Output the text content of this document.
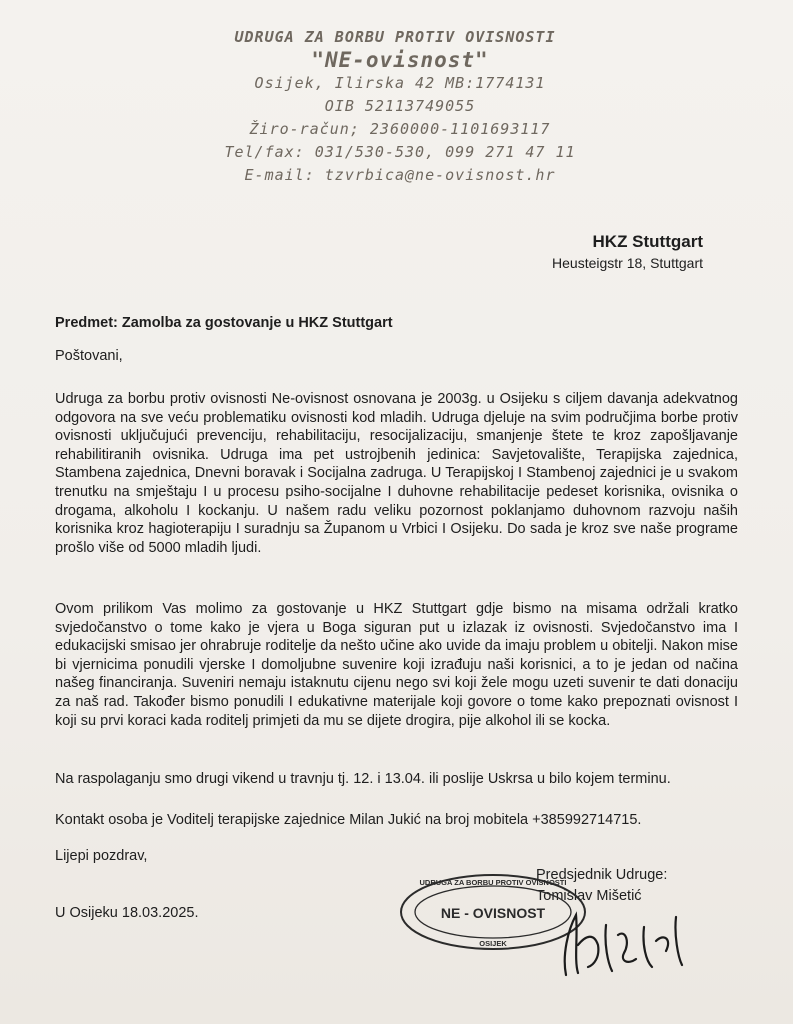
UDRUGA ZA BORBU PROTIV OVISNOSTI
"NE-ovisnost"
Osijek, Ilirska 42 MB:1774131
OIB 52113749055
Žiro-račun; 2360000-1101693117
Tel/fax: 031/530-530, 099 271 47 11
E-mail: tzvrbica@ne-ovisnost.hr
HKZ Stuttgart
Heusteigstr 18, Stuttgart
Predmet: Zamolba za gostovanje u HKZ Stuttgart
Poštovani,
Udruga za borbu protiv ovisnosti Ne-ovisnost osnovana je 2003g. u Osijeku s ciljem davanja adekvatnog odgovora na sve veću problematiku ovisnosti kod mladih. Udruga djeluje na svim područjima borbe protiv ovisnosti uključujući prevenciju, rehabilitaciju, resocijalizaciju, smanjenje štete te kroz zapošljavanje rehabilitiranih ovisnika. Udruga ima pet ustrojbenih jedinica: Savjetovalište, Terapijska zajednica, Stambena zajednica, Dnevni boravak i Socijalna zadruga. U Terapijskoj I Stambenoj zajednici je u svakom trenutku na smještaju I u procesu psiho-socijalne I duhovne rehabilitacije pedeset korisnika, ovisnika o drogama, alkoholu I kockanju. U našem radu veliku pozornost poklanjamo duhovnom razvoju naših korisnika kroz hagioterapiju I suradnju sa Županom u Vrbici I Osijeku. Do sada je kroz sve naše programe prošlo više od 5000 mladih ljudi.
Ovom prilikom Vas molimo za gostovanje u HKZ Stuttgart gdje bismo na misama održali kratko svjedočanstvo o tome kako je vjera u Boga siguran put u izlazak iz ovisnosti. Svjedočanstvo ima I edukacijski smisao jer ohrabruje roditelje da nešto učine ako uvide da imaju problem u obitelji. Nakon mise bi vjernicima ponudili vjerske I domoljubne suvenire koji izrađuju naši korisnici, a to je jedan od načina našeg financiranja. Suveniri nemaju istaknutu cijenu nego svi koji žele mogu uzeti suvenir te dati donaciju za naš rad. Također bismo ponudili I edukativne materijale koji govore o tome kako prepoznati ovisnost I koji su prvi koraci kada roditelj primjeti da mu se dijete drogira, pije alkohol ili se kocka.
Na raspolaganju smo drugi vikend u travnju tj. 12. i 13.04. ili poslije Uskrsa u bilo kojem terminu.
Kontakt osoba je Voditelj terapijske zajednice Milan Jukić na broj mobitela +385992714715.
Lijepi pozdrav,
U Osijeku 18.03.2025.
Predsjednik Udruge:
Tomislav Mišetić
UDRUGA ZA BORBU PROTIV OVISNOSTI
NE - OVISNOST
OSIJEK
